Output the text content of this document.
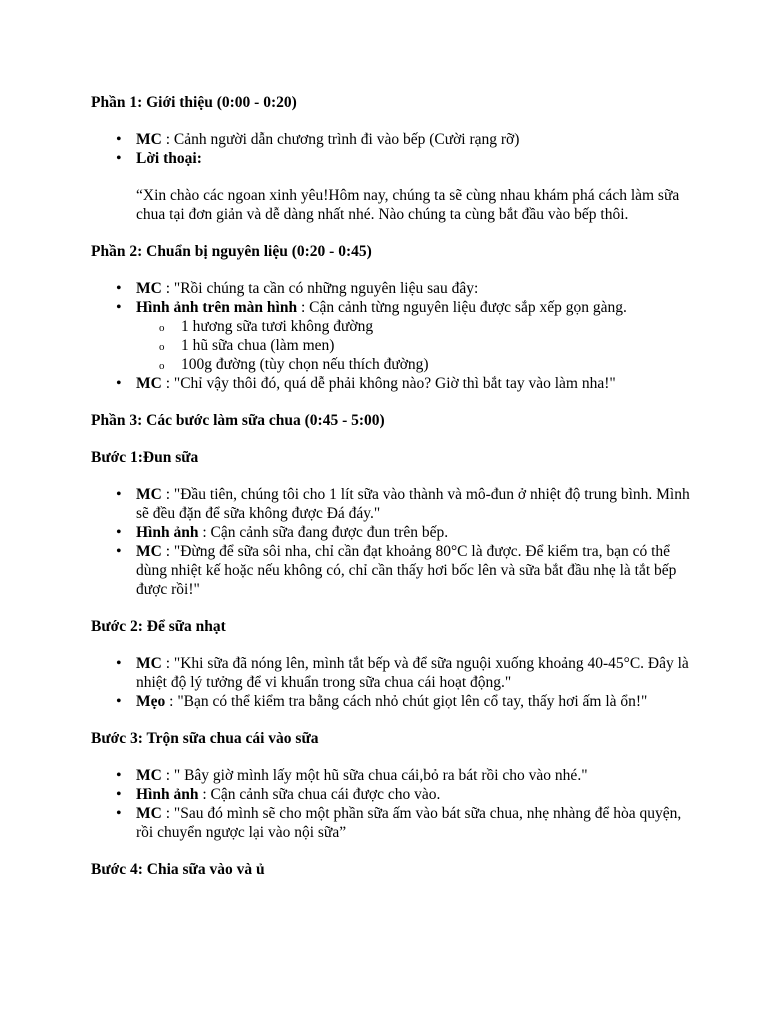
Phần 1: Giới thiệu (0:00 - 0:20)
• MC : Cảnh người dẫn chương trình đi vào bếp (Cười rạng rỡ)
• Lời thoại:

“Xin chào các ngoan xinh yêu!Hôm nay, chúng ta sẽ cùng nhau khám phá cách làm sữa chua tại đơn giản và dễ dàng nhất nhé. Nào chúng ta cùng bắt đầu vào bếp thôi.

Phần 2: Chuẩn bị nguyên liệu (0:20 - 0:45)
• MC : "Rồi chúng ta cần có những nguyên liệu sau đây:
• Hình ảnh trên màn hình : Cận cảnh từng nguyên liệu được sắp xếp gọn gàng.
o 1 hương sữa tươi không đường
o 1 hũ sữa chua (làm men)
o 100g đường (tùy chọn nếu thích đường)
• MC : "Chỉ vậy thôi đó, quá dễ phải không nào? Giờ thì bắt tay vào làm nha!"
Phần 3: Các bước làm sữa chua (0:45 - 5:00)
Bước 1:Đun sữa
• MC : "Đầu tiên, chúng tôi cho 1 lít sữa vào thành và mô-đun ở nhiệt độ trung bình. Mình sẽ đều đặn để sữa không được Đá đáy."
• Hình ảnh : Cận cảnh sữa đang được đun trên bếp.
• MC : "Đừng để sữa sôi nha, chỉ cần đạt khoảng 80°C là được. Để kiểm tra, bạn có thể dùng nhiệt kế hoặc nếu không có, chỉ cần thấy hơi bốc lên và sữa bắt đầu nhẹ là tắt bếp được rồi!"
Bước 2: Để sữa nhạt
• MC : "Khi sữa đã nóng lên, mình tắt bếp và để sữa nguội xuống khoảng 40-45°C. Đây là nhiệt độ lý tưởng để vi khuẩn trong sữa chua cái hoạt động."
• Mẹo : "Bạn có thể kiểm tra bằng cách nhỏ chút giọt lên cổ tay, thấy hơi ấm là ổn!"
Bước 3: Trộn sữa chua cái vào sữa
• MC : " Bây giờ mình lấy một hũ sữa chua cái,bỏ ra bát rồi cho vào nhé."
• Hình ảnh : Cận cảnh sữa chua cái được cho vào.
• MC : "Sau đó mình sẽ cho một phần sữa ấm vào bát sữa chua, nhẹ nhàng để hòa quyện, rồi chuyển ngược lại vào nội sữa”
Bước 4: Chia sữa vào và ủ
